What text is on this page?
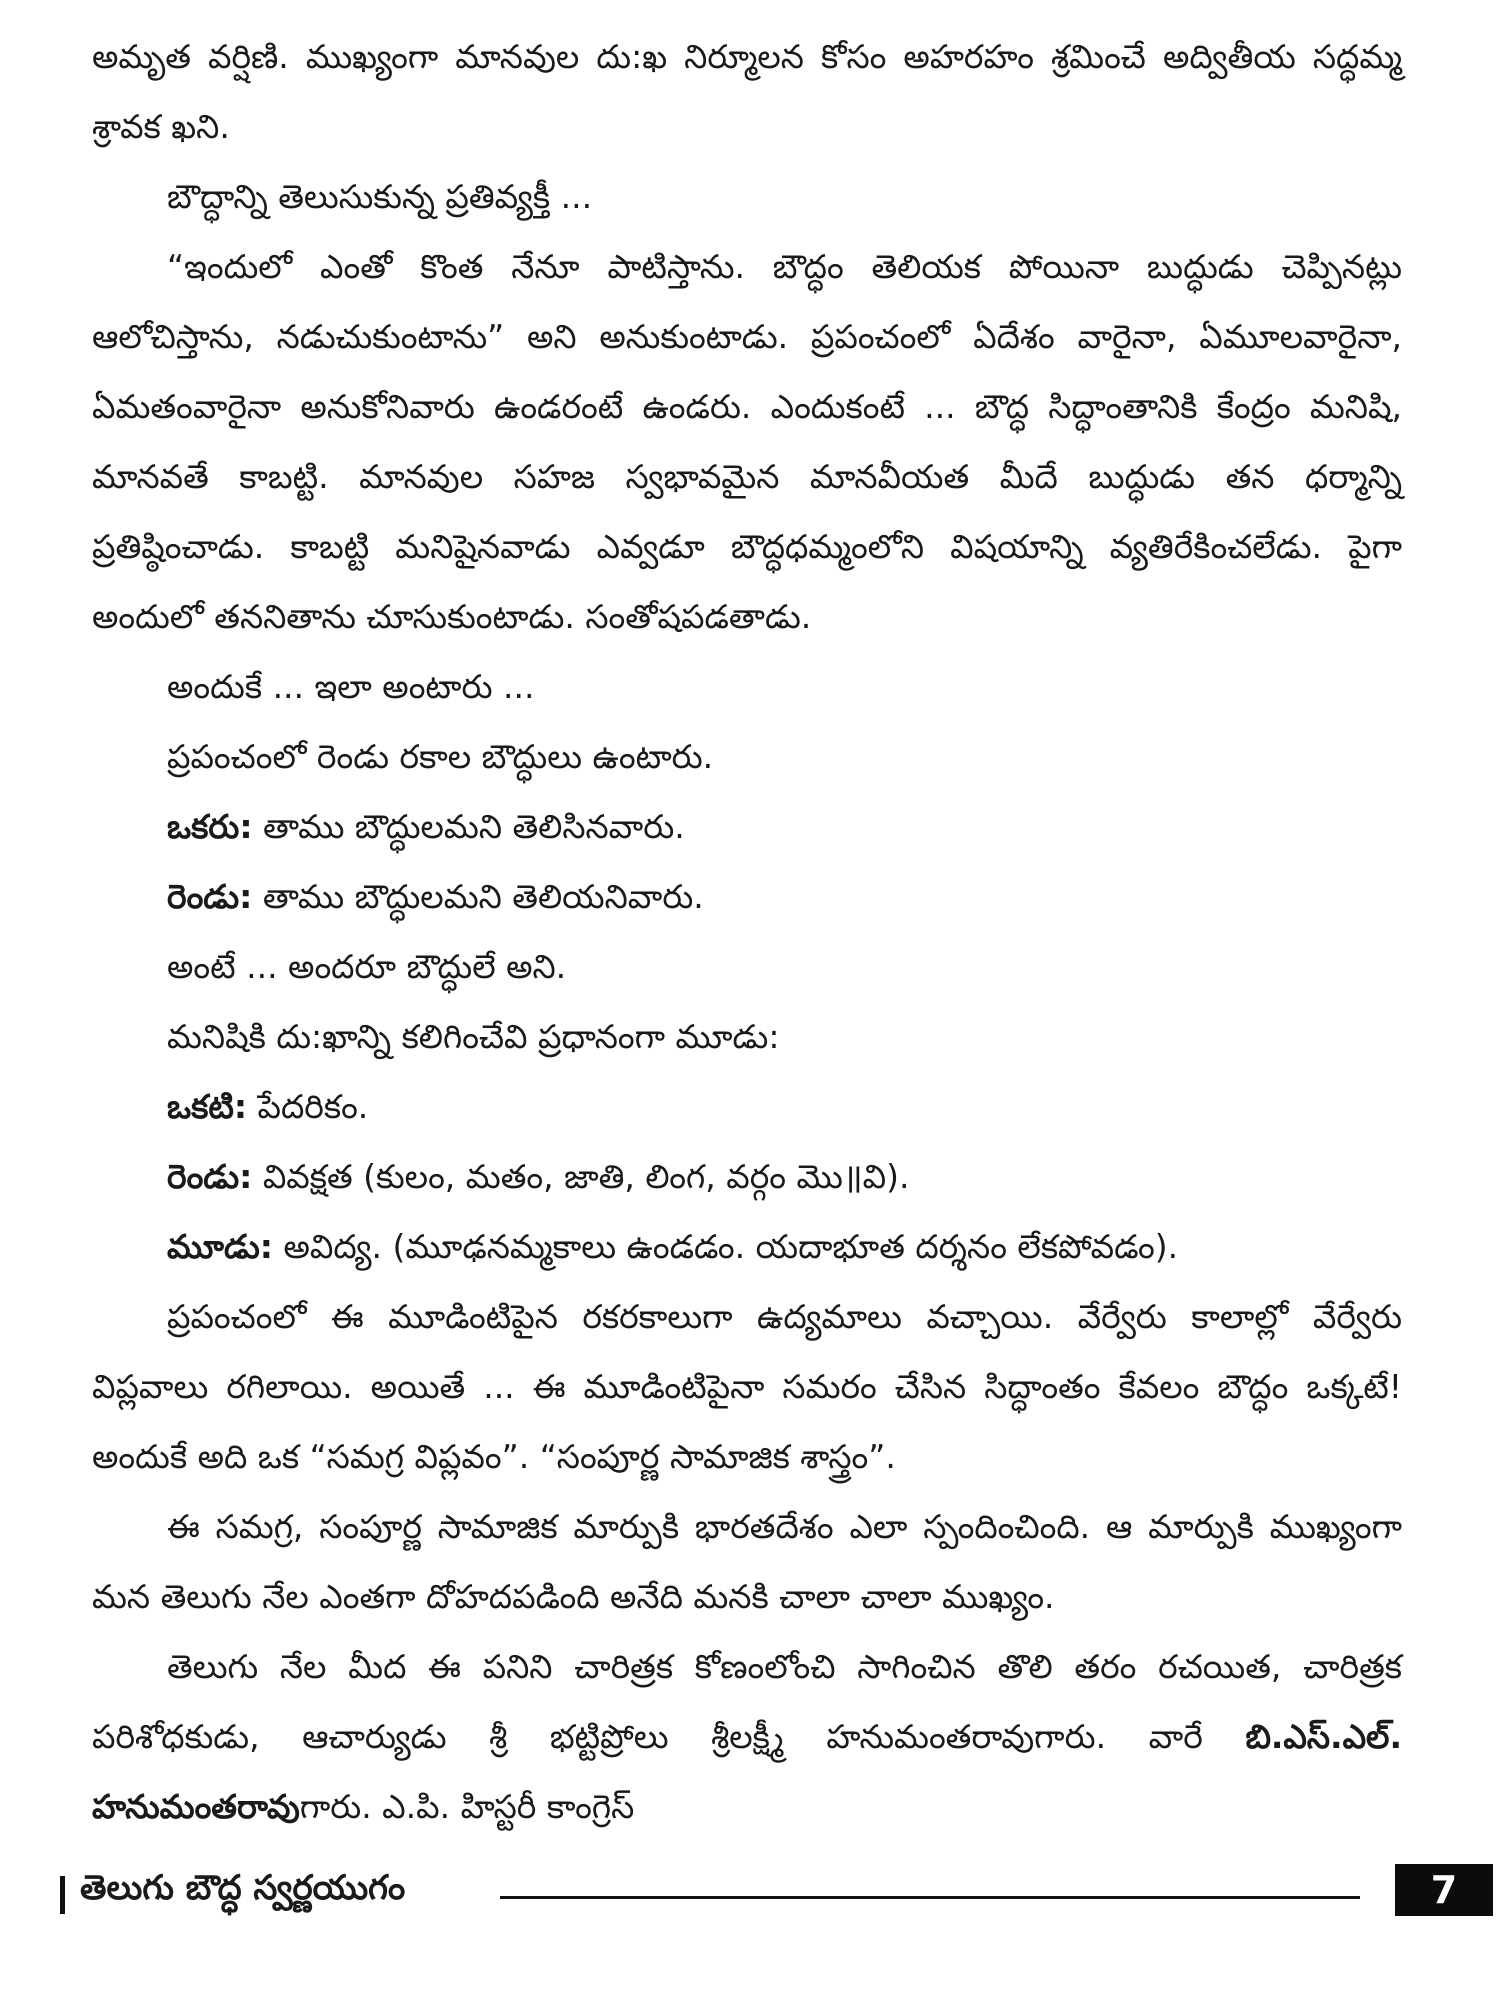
అమృత వర్షిణి. ముఖ్యంగా మానవుల దు:ఖ నిర్మూలన కోసం అహరహం శ్రమించే అద్వితీయ సద్ధమ్మ శ్రావక ఖని.

బౌద్ధాన్ని తెలుసుకున్న ప్రతివ్యక్తీ ...

“ఇందులో ఎంతో కొంత నేనూ పాటిస్తాను. బౌద్ధం తెలియక పోయినా బుద్ధుడు చెప్పినట్లు ఆలోచిస్తాను, నడుచుకుంటాను” అని అనుకుంటాడు. ప్రపంచంలో ఏదేశం వారైనా, ఏమూలవారైనా, ఏమతంవారైనా అనుకోనివారు ఉండరంటే ఉండరు. ఎందుకంటే ... బౌద్ధ సిద్ధాంతానికి కేంద్రం మనిషి, మానవతే కాబట్టి. మానవుల సహజ స్వభావమైన మానవీయత మీదే బుద్ధుడు తన ధర్మాన్ని ప్రతిష్ఠించాడు. కాబట్టి మనిషైనవాడు ఎవ్వడూ బౌద్ధధమ్మంలోని విషయాన్ని వ్యతిరేకించలేడు. పైగా అందులో తననితాను చూసుకుంటాడు. సంతోషపడతాడు.

అందుకే ... ఇలా అంటారు ...

ప్రపంచంలో రెండు రకాల బౌద్ధులు ఉంటారు.

ఒకరు: తాము బౌద్ధులమని తెలిసినవారు.

రెండు: తాము బౌద్ధులమని తెలియనివారు.

అంటే ... అందరూ బౌద్ధులే అని.

మనిషికి దు:ఖాన్ని కలిగించేవి ప్రధానంగా మూడు:

ఒకటి: పేదరికం.

రెండు: వివక్షత (కులం, మతం, జాతి, లింగ, వర్గం మొ॥వి).

మూడు: అవిద్య. (మూఢనమ్మకాలు ఉండడం. యదాభూత దర్శనం లేకపోవడం).

ప్రపంచంలో ఈ మూడింటిపైన రకరకాలుగా ఉద్యమాలు వచ్చాయి. వేర్వేరు కాలాల్లో వేర్వేరు విప్లవాలు రగిలాయి. అయితే ... ఈ మూడింటిపైనా సమరం చేసిన సిద్ధాంతం కేవలం బౌద్ధం ఒక్కటే! అందుకే అది ఒక “సమగ్ర విప్లవం”. “సంపూర్ణ సామాజిక శాస్త్రం”.

ఈ సమగ్ర, సంపూర్ణ సామాజిక మార్పుకి భారతదేశం ఎలా స్పందించింది. ఆ మార్పుకి ముఖ్యంగా మన తెలుగు నేల ఎంతగా దోహదపడింది అనేది మనకి చాలా చాలా ముఖ్యం.

తెలుగు నేల మీద ఈ పనిని చారిత్రక కోణంలోంచి సాగించిన తొలి తరం రచయిత, చారిత్రక పరిశోధకుడు, ఆచార్యుడు శ్రీ భట్టిప్రోలు శ్రీలక్ష్మీ హనుమంతరావుగారు. వారే బి.ఎస్.ఎల్. హనుమంతరావుగారు. ఎ.పి. హిస్టరీ కాంగ్రెస్

తెలుగు బౌద్ధ స్వర్ణయుగం	7
